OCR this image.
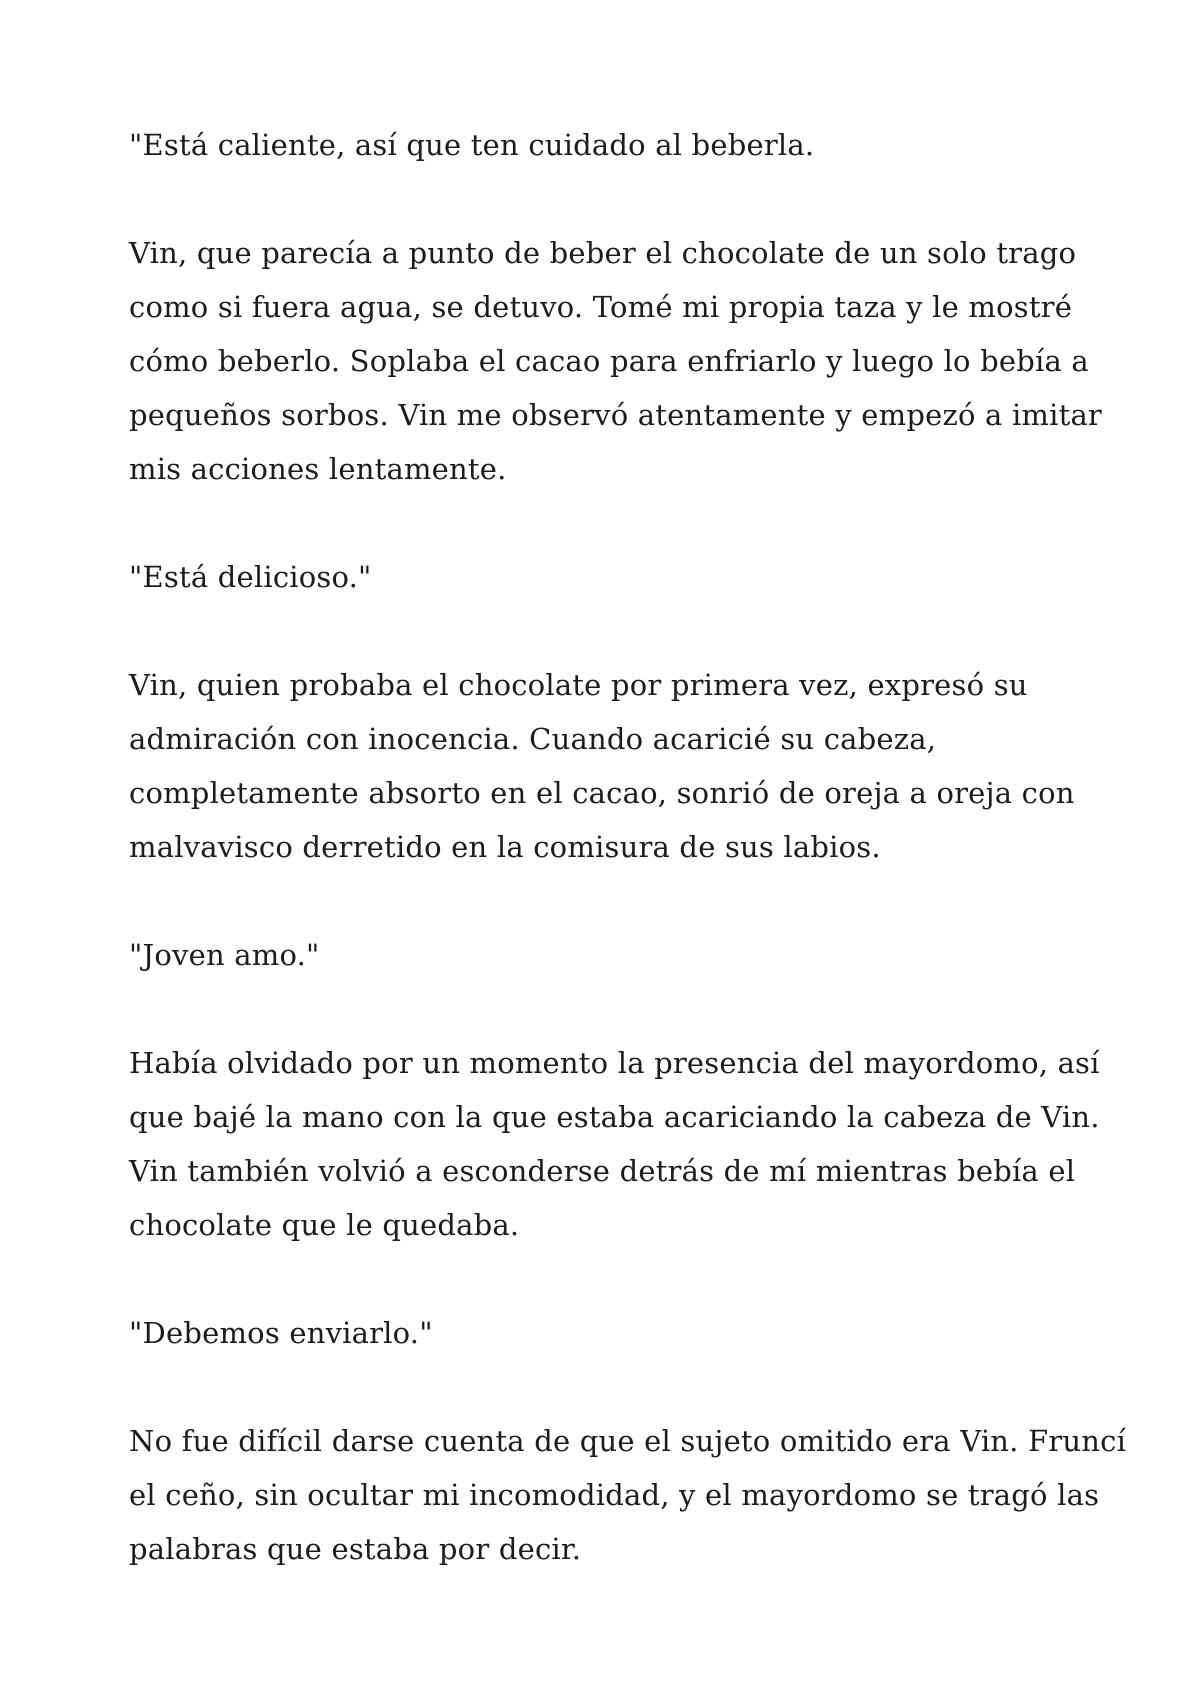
"Está caliente, así que ten cuidado al beberla.

Vin, que parecía a punto de beber el chocolate de un solo trago
como si fuera agua, se detuvo. Tomé mi propia taza y le mostré
cómo beberlo. Soplaba el cacao para enfriarlo y luego lo bebía a
pequeños sorbos. Vin me observó atentamente y empezó a imitar
mis acciones lentamente.

"Está delicioso."

Vin, quien probaba el chocolate por primera vez, expresó su
admiración con inocencia. Cuando acaricié su cabeza,
completamente absorto en el cacao, sonrió de oreja a oreja con
malvavisco derretido en la comisura de sus labios.

"Joven amo."

Había olvidado por un momento la presencia del mayordomo, así
que bajé la mano con la que estaba acariciando la cabeza de Vin.
Vin también volvió a esconderse detrás de mí mientras bebía el
chocolate que le quedaba.

"Debemos enviarlo."

No fue difícil darse cuenta de que el sujeto omitido era Vin. Fruncí
el ceño, sin ocultar mi incomodidad, y el mayordomo se tragó las
palabras que estaba por decir.
